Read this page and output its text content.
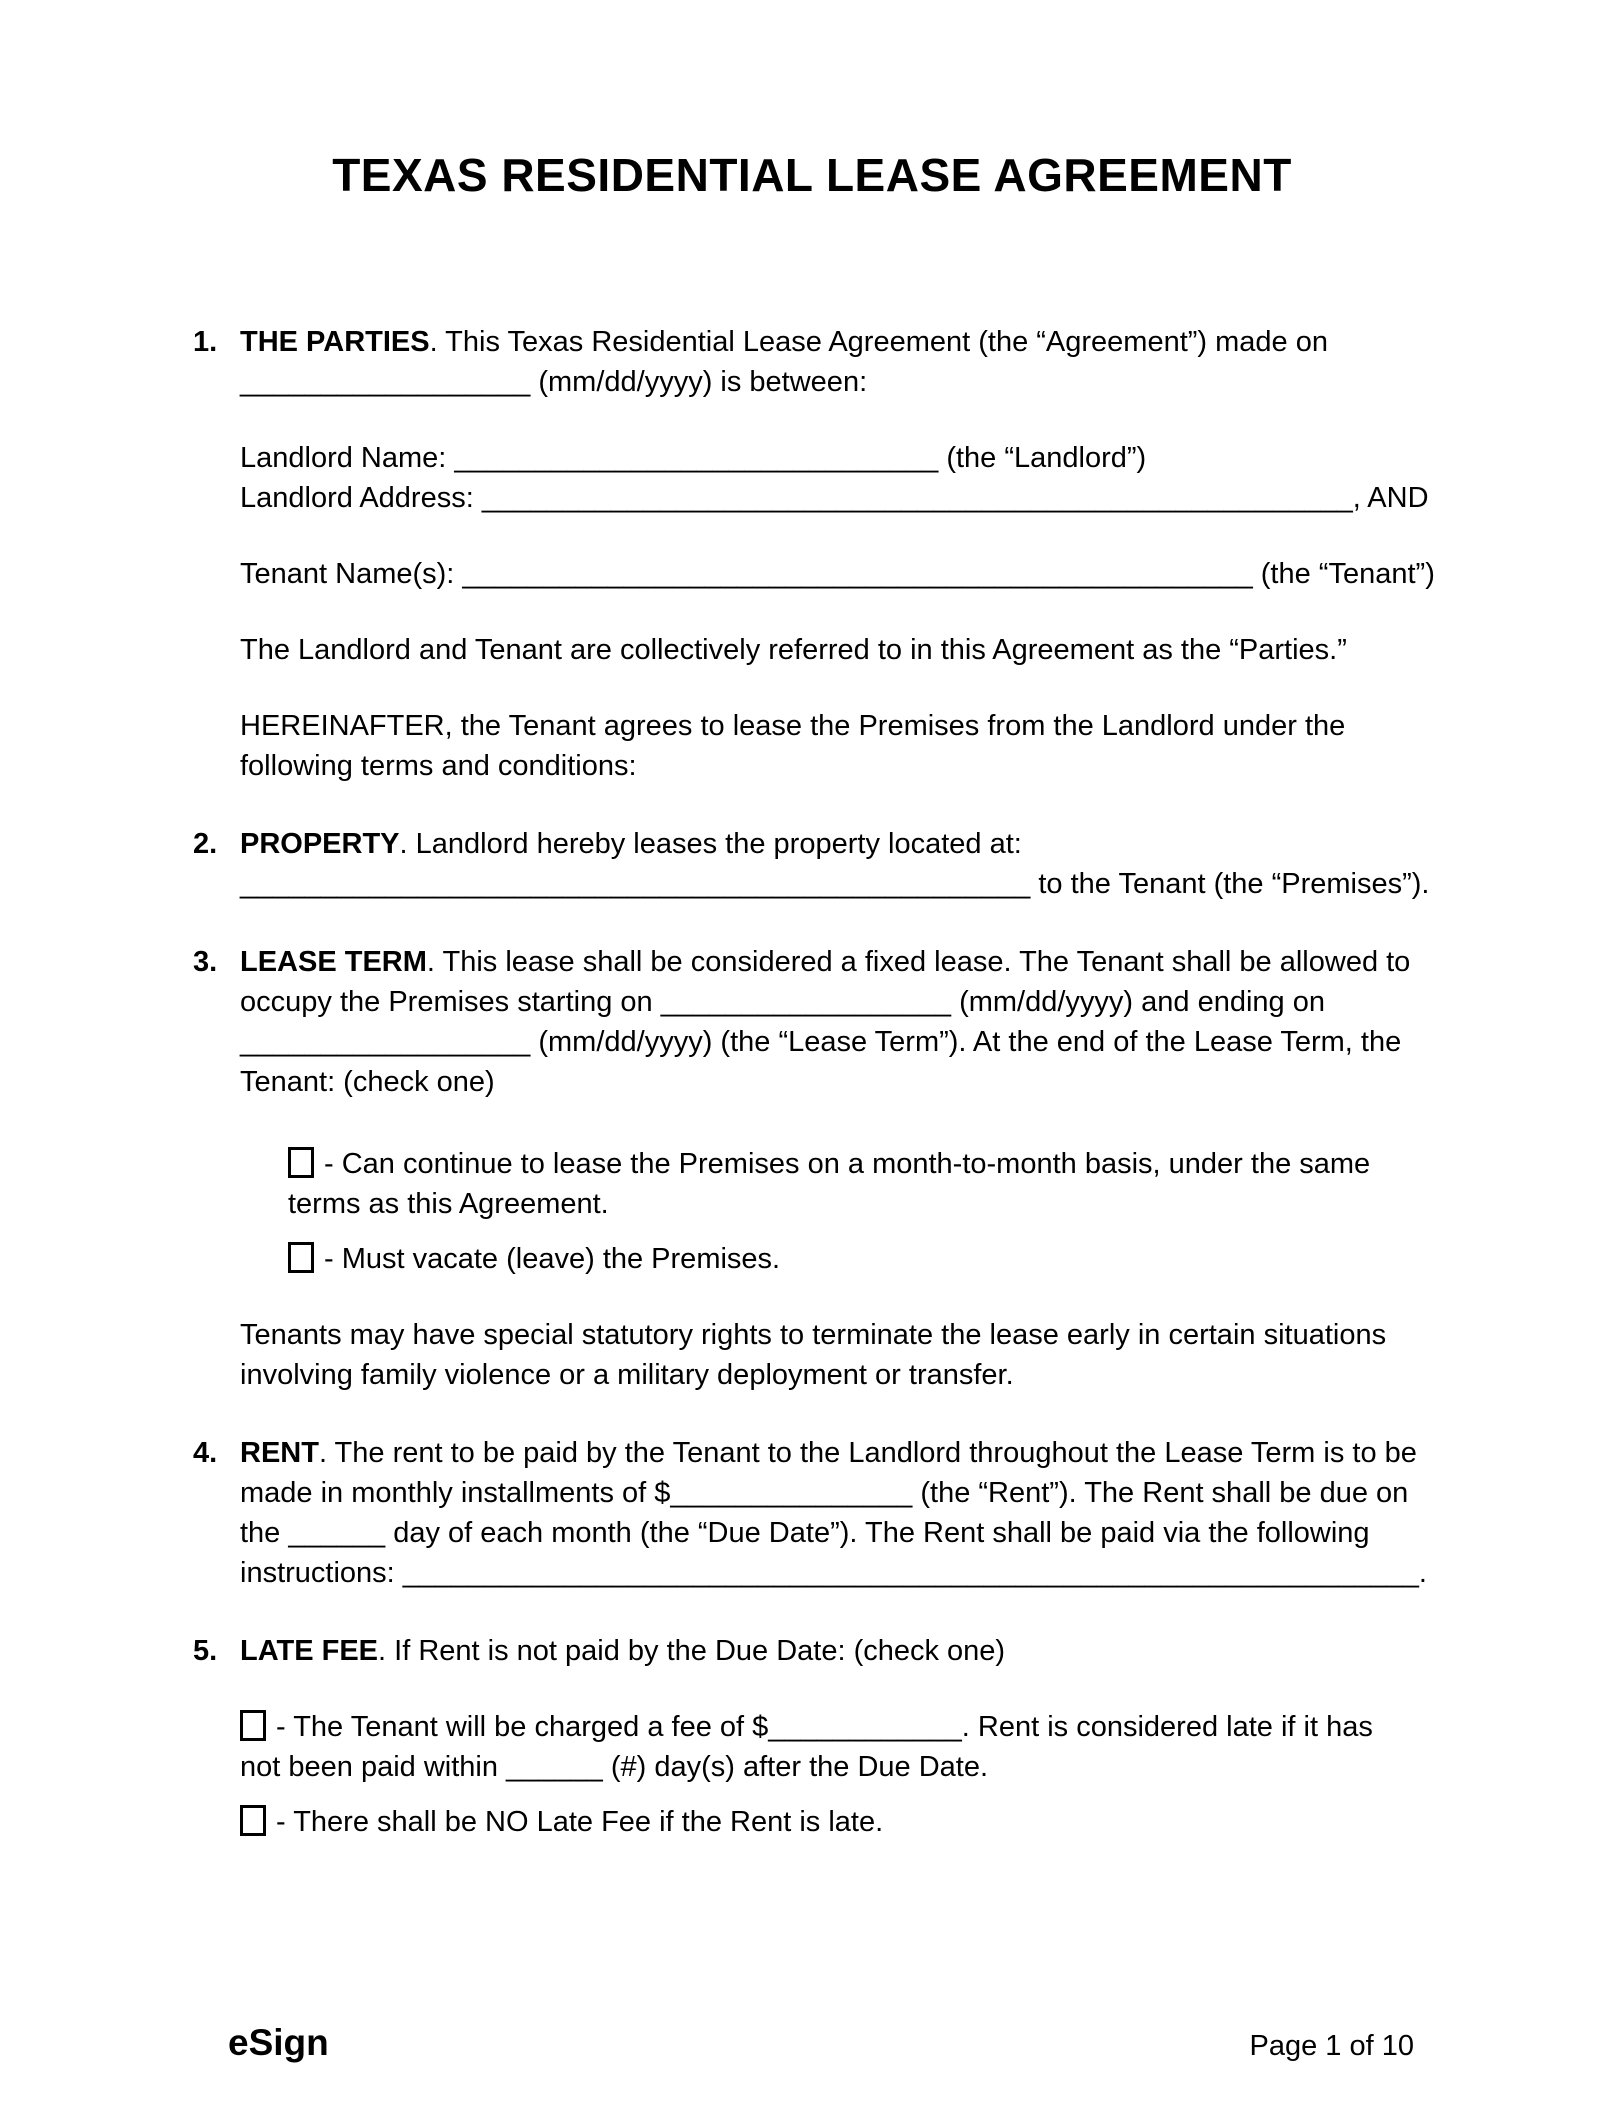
TEXAS RESIDENTIAL LEASE AGREEMENT
1. THE PARTIES. This Texas Residential Lease Agreement (the “Agreement”) made on
__________________ (mm/dd/yyyy) is between:
Landlord Name: ______________________________ (the “Landlord”)
Landlord Address: ______________________________________________________, AND
Tenant Name(s): _________________________________________________ (the “Tenant”)
The Landlord and Tenant are collectively referred to in this Agreement as the “Parties.”
HEREINAFTER, the Tenant agrees to lease the Premises from the Landlord under the
following terms and conditions:
2. PROPERTY. Landlord hereby leases the property located at:
_________________________________________________ to the Tenant (the “Premises”).
3. LEASE TERM. This lease shall be considered a fixed lease. The Tenant shall be allowed to
occupy the Premises starting on __________________ (mm/dd/yyyy) and ending on
__________________ (mm/dd/yyyy) (the “Lease Term”). At the end of the Lease Term, the
Tenant: (check one)
- Can continue to lease the Premises on a month-to-month basis, under the same
terms as this Agreement.
- Must vacate (leave) the Premises.
Tenants may have special statutory rights to terminate the lease early in certain situations
involving family violence or a military deployment or transfer.
4. RENT. The rent to be paid by the Tenant to the Landlord throughout the Lease Term is to be
made in monthly installments of $_______________ (the “Rent”). The Rent shall be due on
the ______ day of each month (the “Due Date”). The Rent shall be paid via the following
instructions: _______________________________________________________________.
5. LATE FEE. If Rent is not paid by the Due Date: (check one)
- The Tenant will be charged a fee of $____________. Rent is considered late if it has
not been paid within ______ (#) day(s) after the Due Date.
- There shall be NO Late Fee if the Rent is late.
eSign	Page 1 of 10
